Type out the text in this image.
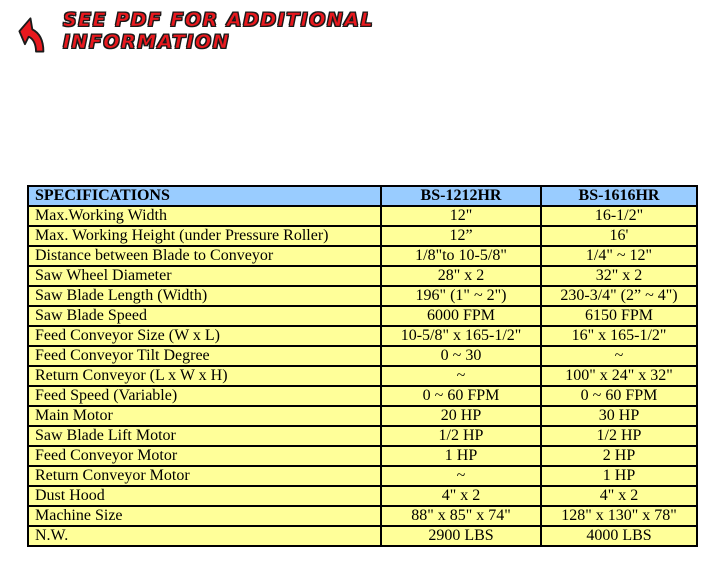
SEE PDF FOR ADDITIONAL INFORMATION
SPECIFICATIONS	BS-1212HR	BS-1616HR
Max.Working Width	12"	16-1/2"
Max. Working Height (under Pressure Roller)	12”	16'
Distance between Blade to Conveyor	1/8"to 10-5/8"	1/4" ~ 12"
Saw Wheel Diameter	28" x 2	32" x 2
Saw Blade Length (Width)	196" (1" ~ 2")	230-3/4" (2” ~ 4")
Saw Blade Speed	6000 FPM	6150 FPM
Feed Conveyor Size (W x L)	10-5/8" x 165-1/2"	16" x 165-1/2"
Feed Conveyor Tilt Degree	0 ~ 30	~
Return Conveyor (L x W x H)	~	100" x 24" x 32"
Feed Speed (Variable)	0 ~ 60 FPM	0 ~ 60 FPM
Main Motor	20 HP	30 HP
Saw Blade Lift Motor	1/2 HP	1/2 HP
Feed Conveyor Motor	1 HP	2 HP
Return Conveyor Motor	~	1 HP
Dust Hood	4" x 2	4" x 2
Machine Size	88" x 85" x 74"	128" x 130" x 78"
N.W.	2900 LBS	4000 LBS
